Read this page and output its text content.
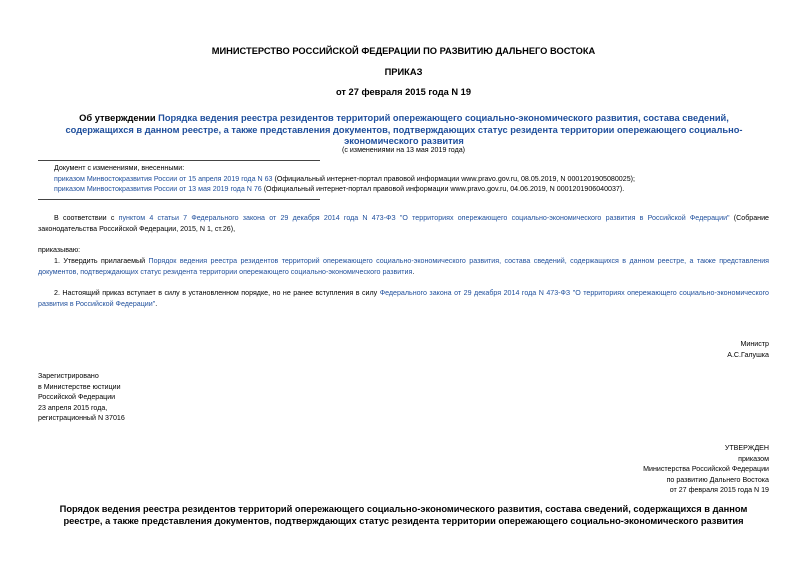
МИНИСТЕРСТВО РОССИЙСКОЙ ФЕДЕРАЦИИ ПО РАЗВИТИЮ ДАЛЬНЕГО ВОСТОКА
ПРИКАЗ
от 27 февраля 2015 года N 19
Об утверждении Порядка ведения реестра резидентов территорий опережающего социально-экономического развития, состава сведений, содержащихся в данном реестре, а также представления документов, подтверждающих статус резидента территории опережающего социально-экономического развития
(с изменениями на 13 мая 2019 года)

Документ с изменениями, внесенными:

приказом Минвостокразвития России от 15 апреля 2019 года N 63 (Официальный интернет-портал правовой информации www.pravo.gov.ru, 08.05.2019, N 0001201905080025);

приказом Минвостокразвития России от 13 мая 2019 года N 76 (Официальный интернет-портал правовой информации www.pravo.gov.ru, 04.06.2019, N 0001201906040037).

В соответствии с пунктом 4 статьи 7 Федерального закона от 29 декабря 2014 года N 473-ФЗ "О территориях опережающего социально-экономического развития в Российской Федерации" (Собрание законодательства Российской Федерации, 2015, N 1, ст.26),
приказываю:
1. Утвердить прилагаемый Порядок ведения реестра резидентов территорий опережающего социально-экономического развития, состава сведений, содержащихся в данном реестре, а также представления документов, подтверждающих статус резидента территории опережающего социально-экономического развития.
2. Настоящий приказ вступает в силу в установленном порядке, но не ранее вступления в силу Федерального закона от 29 декабря 2014 года N 473-ФЗ "О территориях опережающего социально-экономического развития в Российской Федерации".

Министр

А.С.Галушка

Зарегистрировано

в Министерстве юстиции

Российской Федерации

23 апреля 2015 года,

регистрационный N 37016

УТВЕРЖДЕН

приказом

Министерства Российской Федерации

по развитию Дальнего Востока

от 27 февраля 2015 года N 19

Порядок ведения реестра резидентов территорий опережающего социально-экономического развития, состава сведений, содержащихся в данном реестре, а также представления документов, подтверждающих статус резидента территории опережающего социально-экономического развития
